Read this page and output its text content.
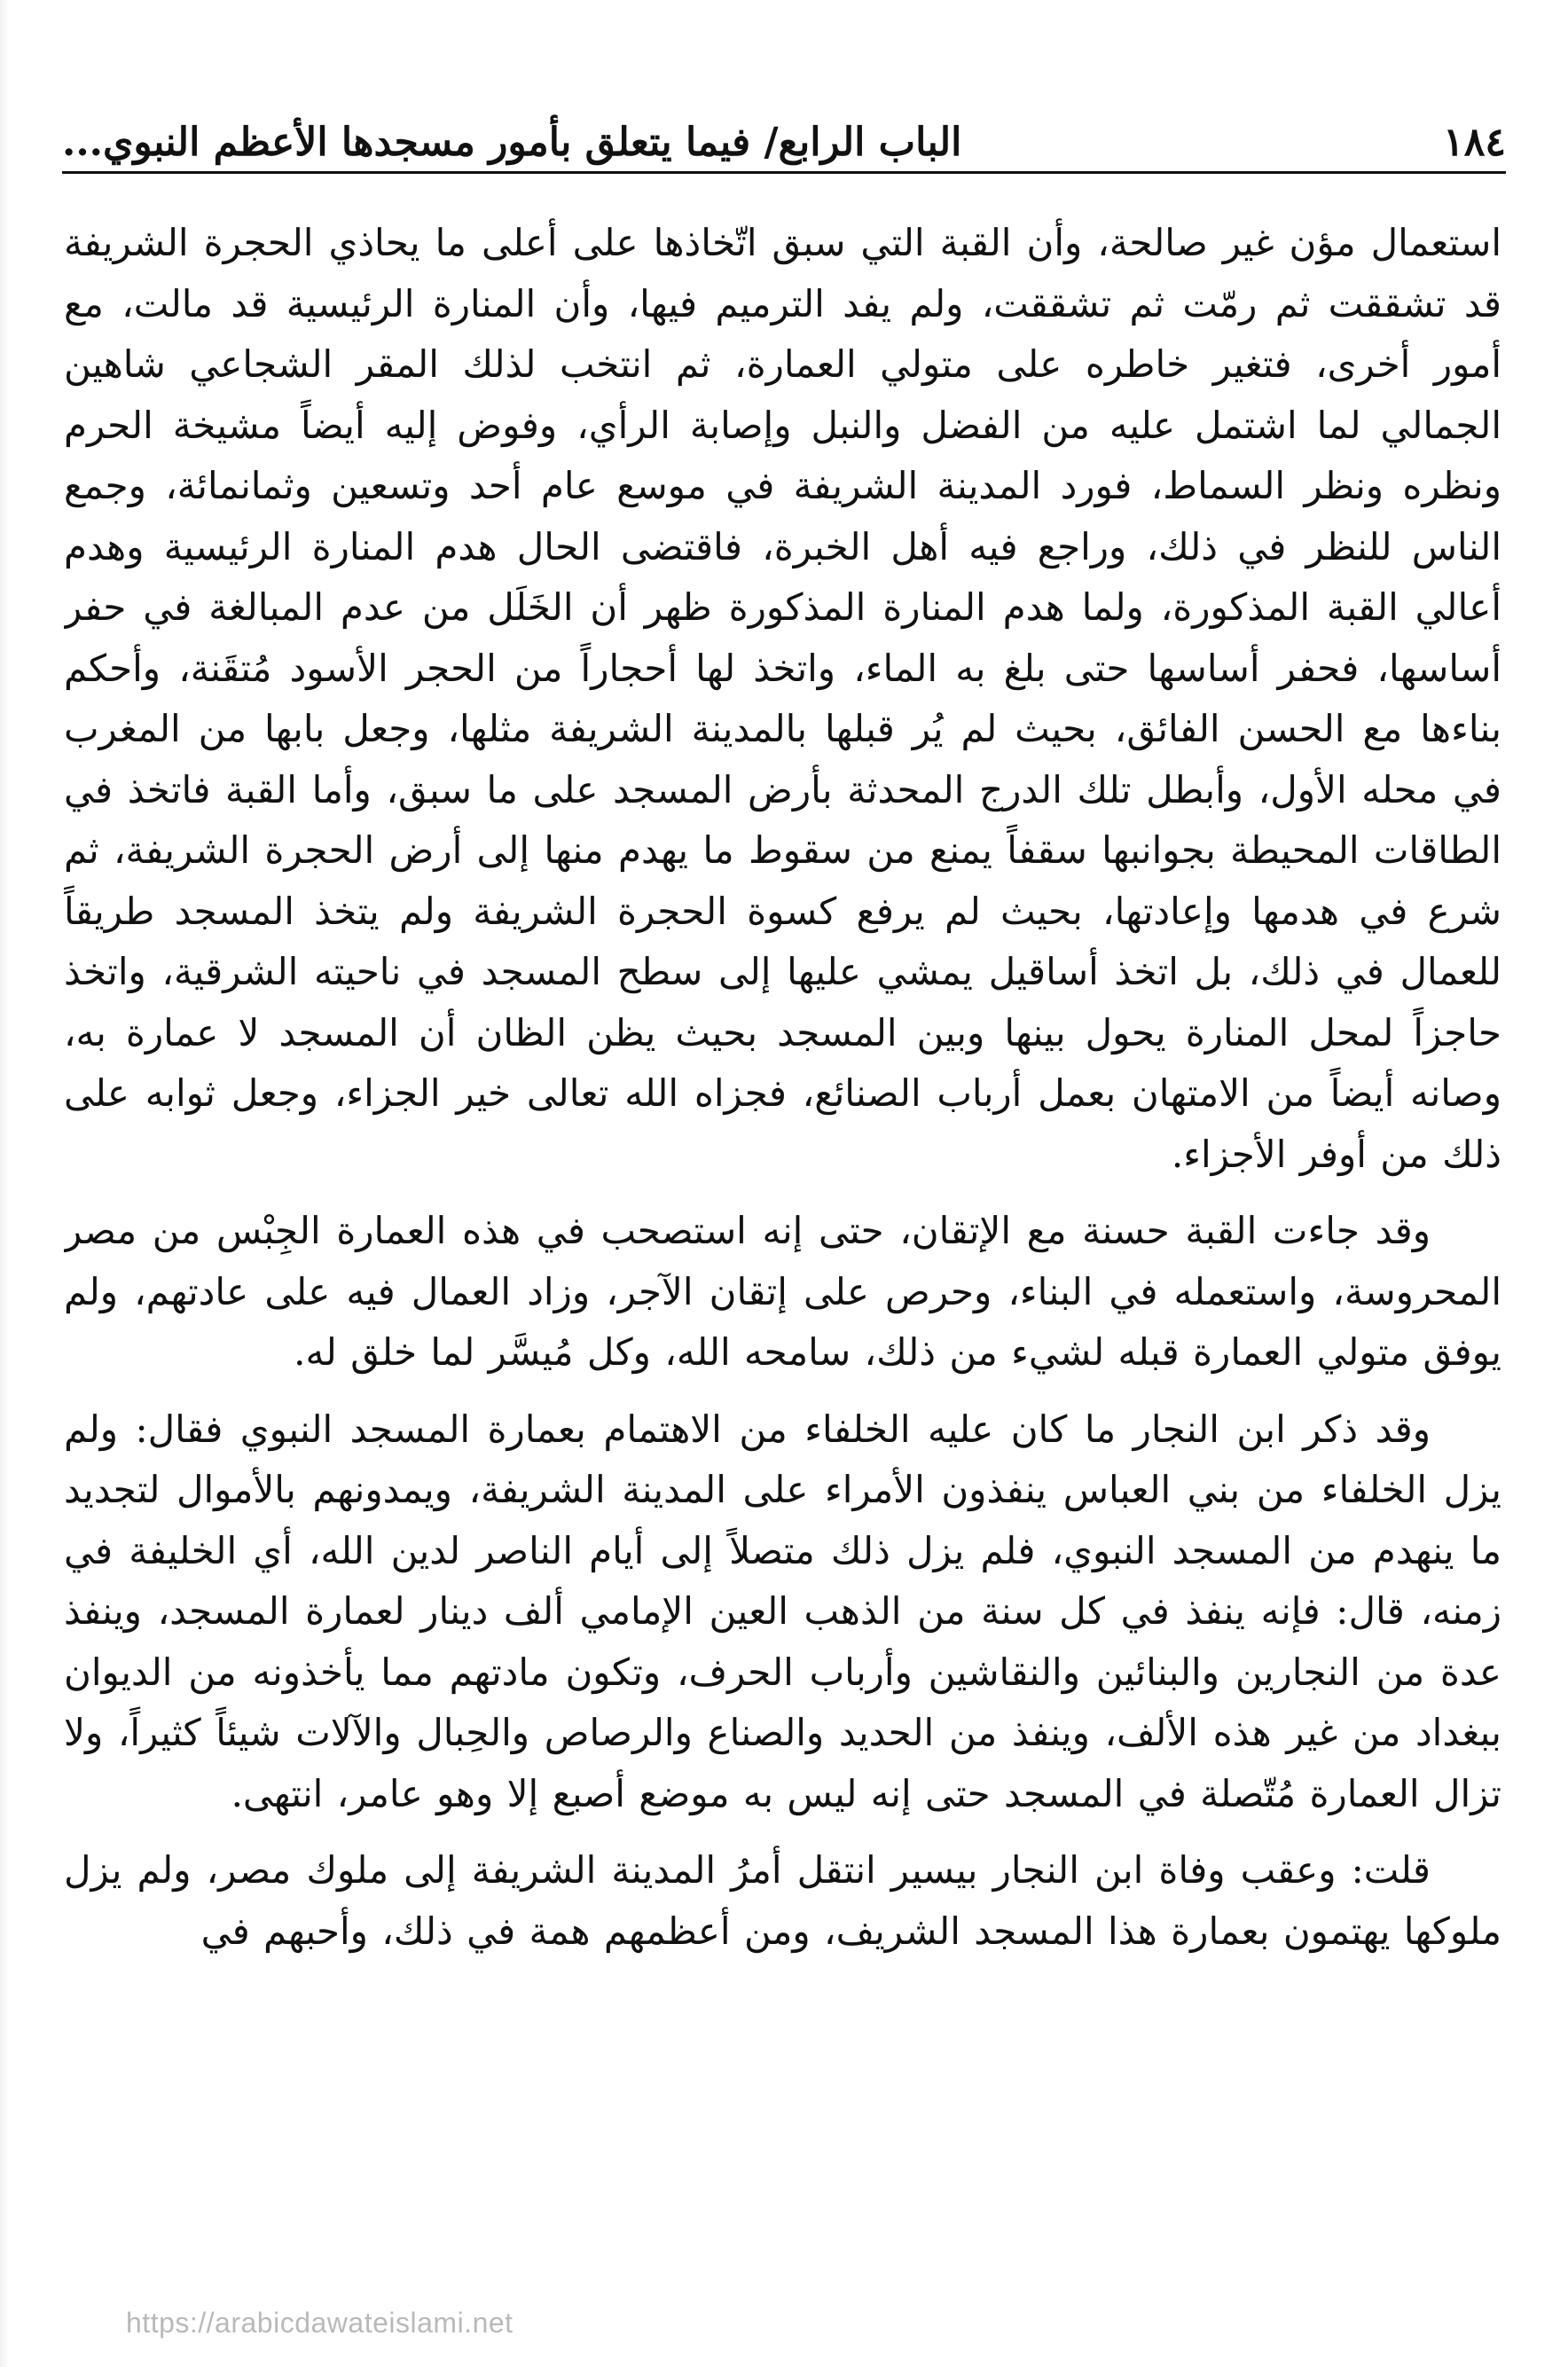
١٨٤
الباب الرابع/ فيما يتعلق بأمور مسجدها الأعظم النبوي...

استعمال مؤن غير صالحة، وأن القبة التي سبق اتّخاذها على أعلى ما يحاذي الحجرة الشريفة قد تشققت ثم رمّت ثم تشققت، ولم يفد الترميم فيها، وأن المنارة الرئيسية قد مالت، مع أمور أخرى، فتغير خاطره على متولي العمارة، ثم انتخب لذلك المقر الشجاعي شاهين الجمالي لما اشتمل عليه من الفضل والنبل وإصابة الرأي، وفوض إليه أيضاً مشيخة الحرم ونظره ونظر السماط، فورد المدينة الشريفة في موسع عام أحد وتسعين وثمانمائة، وجمع الناس للنظر في ذلك، وراجع فيه أهل الخبرة، فاقتضى الحال هدم المنارة الرئيسية وهدم أعالي القبة المذكورة، ولما هدم المنارة المذكورة ظهر أن الخَلَل من عدم المبالغة في حفر أساسها، فحفر أساسها حتى بلغ به الماء، واتخذ لها أحجاراً من الحجر الأسود مُتقَنة، وأحكم بناءها مع الحسن الفائق، بحيث لم يُر قبلها بالمدينة الشريفة مثلها، وجعل بابها من المغرب في محله الأول، وأبطل تلك الدرج المحدثة بأرض المسجد على ما سبق، وأما القبة فاتخذ في الطاقات المحيطة بجوانبها سقفاً يمنع من سقوط ما يهدم منها إلى أرض الحجرة الشريفة، ثم شرع في هدمها وإعادتها، بحيث لم يرفع كسوة الحجرة الشريفة ولم يتخذ المسجد طريقاً للعمال في ذلك، بل اتخذ أساقيل يمشي عليها إلى سطح المسجد في ناحيته الشرقية، واتخذ حاجزاً لمحل المنارة يحول بينها وبين المسجد بحيث يظن الظان أن المسجد لا عمارة به، وصانه أيضاً من الامتهان بعمل أرباب الصنائع، فجزاه الله تعالى خير الجزاء، وجعل ثوابه على ذلك من أوفر الأجزاء.

وقد جاءت القبة حسنة مع الإتقان، حتى إنه استصحب في هذه العمارة الجِبْس من مصر المحروسة، واستعمله في البناء، وحرص على إتقان الآجر، وزاد العمال فيه على عادتهم، ولم يوفق متولي العمارة قبله لشيء من ذلك، سامحه الله، وكل مُيسَّر لما خلق له.

وقد ذكر ابن النجار ما كان عليه الخلفاء من الاهتمام بعمارة المسجد النبوي فقال: ولم يزل الخلفاء من بني العباس ينفذون الأمراء على المدينة الشريفة، ويمدونهم بالأموال لتجديد ما ينهدم من المسجد النبوي، فلم يزل ذلك متصلاً إلى أيام الناصر لدين الله، أي الخليفة في زمنه، قال: فإنه ينفذ في كل سنة من الذهب العين الإمامي ألف دينار لعمارة المسجد، وينفذ عدة من النجارين والبنائين والنقاشين وأرباب الحرف، وتكون مادتهم مما يأخذونه من الديوان ببغداد من غير هذه الألف، وينفذ من الحديد والصناع والرصاص والحِبال والآلات شيئاً كثيراً، ولا تزال العمارة مُتّصلة في المسجد حتى إنه ليس به موضع أصبع إلا وهو عامر، انتهى.

قلت: وعقب وفاة ابن النجار بيسير انتقل أمرُ المدينة الشريفة إلى ملوك مصر، ولم يزل ملوكها يهتمون بعمارة هذا المسجد الشريف، ومن أعظمهم همة في ذلك، وأحبهم في

https://arabicdawateislami.net
